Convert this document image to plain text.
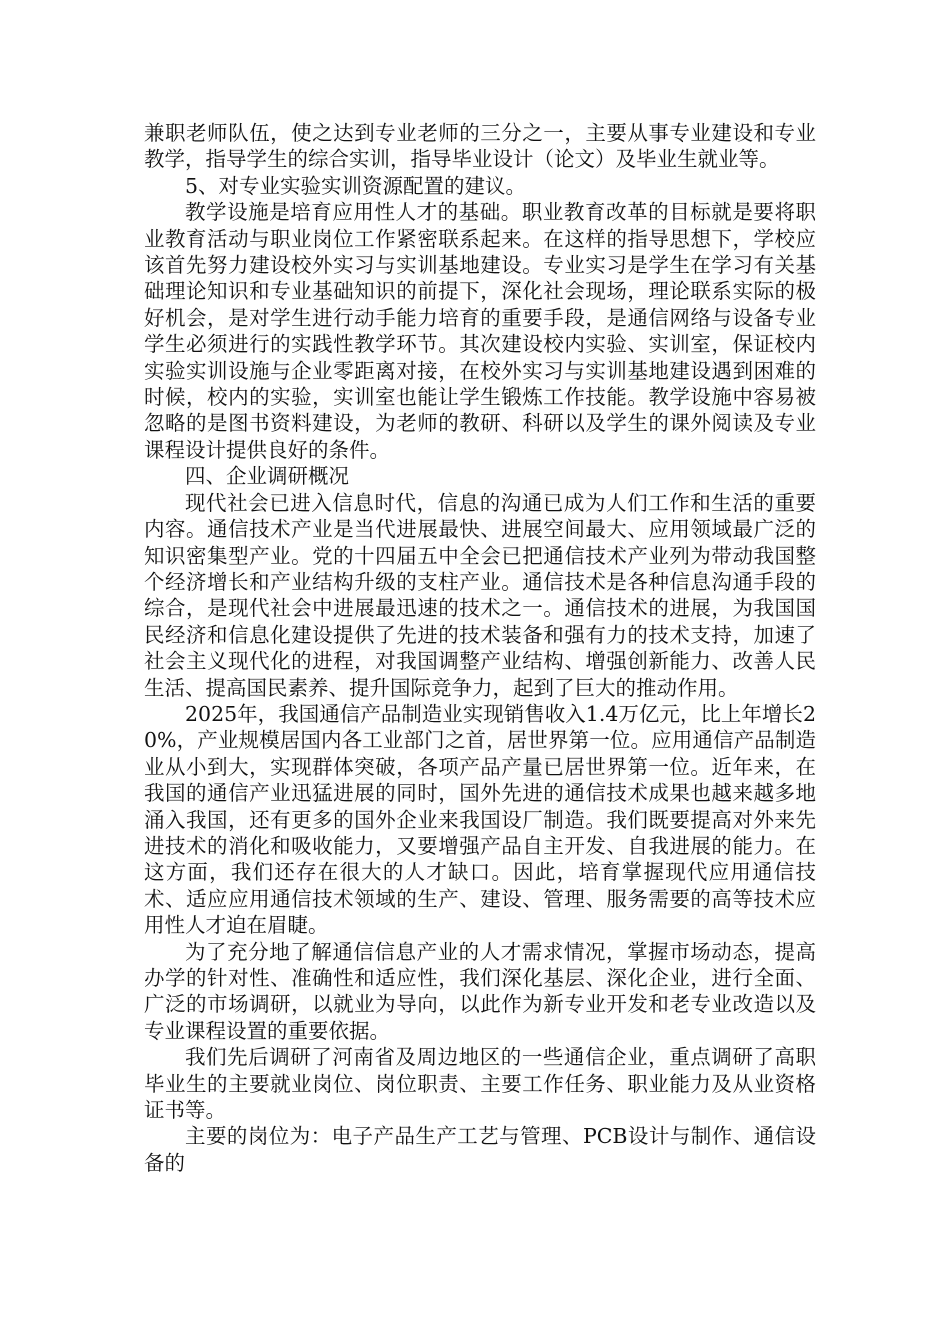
兼职老师队伍，使之达到专业老师的三分之一，主要从事专业建设和专业教学，指导学生的综合实训，指导毕业设计（论文）及毕业生就业等。

5、对专业实验实训资源配置的建议。

教学设施是培育应用性人才的基础。职业教育改革的目标就是要将职业教育活动与职业岗位工作紧密联系起来。在这样的指导思想下，学校应该首先努力建设校外实习与实训基地建设。专业实习是学生在学习有关基础理论知识和专业基础知识的前提下，深化社会现场，理论联系实际的极好机会，是对学生进行动手能力培育的重要手段，是通信网络与设备专业学生必须进行的实践性教学环节。其次建设校内实验、实训室，保证校内实验实训设施与企业零距离对接，在校外实习与实训基地建设遇到困难的时候，校内的实验，实训室也能让学生锻炼工作技能。教学设施中容易被忽略的是图书资料建设，为老师的教研、科研以及学生的课外阅读及专业课程设计提供良好的条件。

四、企业调研概况

现代社会已进入信息时代，信息的沟通已成为人们工作和生活的重要内容。通信技术产业是当代进展最快、进展空间最大、应用领域最广泛的知识密集型产业。党的十四届五中全会已把通信技术产业列为带动我国整个经济增长和产业结构升级的支柱产业。通信技术是各种信息沟通手段的综合，是现代社会中进展最迅速的技术之一。通信技术的进展，为我国国民经济和信息化建设提供了先进的技术装备和强有力的技术支持，加速了社会主义现代化的进程，对我国调整产业结构、增强创新能力、改善人民生活、提高国民素养、提升国际竞争力，起到了巨大的推动作用。

2025年，我国通信产品制造业实现销售收入1.4万亿元，比上年增长20%，产业规模居国内各工业部门之首，居世界第一位。应用通信产品制造业从小到大，实现群体突破，各项产品产量已居世界第一位。近年来，在我国的通信产业迅猛进展的同时，国外先进的通信技术成果也越来越多地涌入我国，还有更多的国外企业来我国设厂制造。我们既要提高对外来先进技术的消化和吸收能力，又要增强产品自主开发、自我进展的能力。在这方面，我们还存在很大的人才缺口。因此，培育掌握现代应用通信技术、适应应用通信技术领域的生产、建设、管理、服务需要的高等技术应用性人才迫在眉睫。

为了充分地了解通信信息产业的人才需求情况，掌握市场动态，提高办学的针对性、准确性和适应性，我们深化基层、深化企业，进行全面、广泛的市场调研，以就业为导向，以此作为新专业开发和老专业改造以及专业课程设置的重要依据。

我们先后调研了河南省及周边地区的一些通信企业，重点调研了高职毕业生的主要就业岗位、岗位职责、主要工作任务、职业能力及从业资格证书等。

主要的岗位为：电子产品生产工艺与管理、PCB设计与制作、通信设备的
